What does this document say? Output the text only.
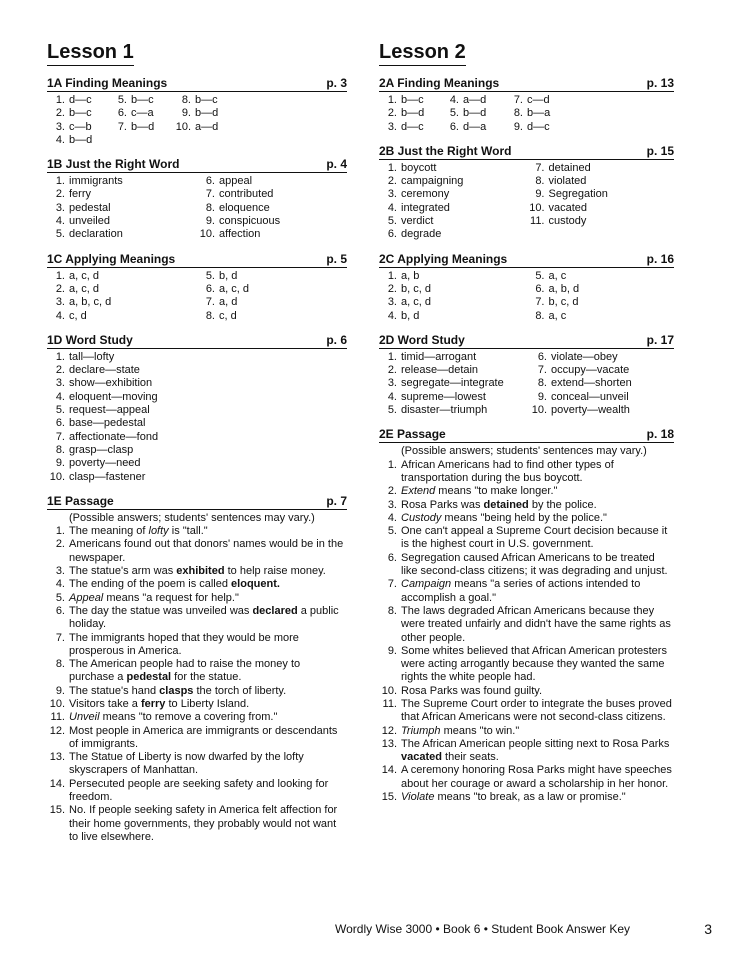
Lesson 1
1A Finding Meanings	p. 3
1. d—c	5. b—c	8. b—c
2. b—c	6. c—a	9. b—d
3. c—b	7. b—d 10. a—d
4. b—d
1B Just the Right Word	p. 4
1. immigrants	6. appeal
2. ferry	7. contributed
3. pedestal	8. eloquence
4. unveiled	9. conspicuous
5. declaration	10. affection
1C Applying Meanings	p. 5
1. a, c, d	5. b, d
2. a, c, d	6. a, c, d
3. a, b, c, d	7. a, d
4. c, d	8. c, d
1D Word Study	p. 6
1. tall—lofty
2. declare—state
3. show—exhibition
4. eloquent—moving
5. request—appeal
6. base—pedestal
7. affectionate—fond
8. grasp—clasp
9. poverty—need
10. clasp—fastener
1E Passage	p. 7
(Possible answers; students' sentences may vary.)
1. The meaning of lofty is "tall."
2. Americans found out that donors' names would be in the newspaper.
3. The statue's arm was exhibited to help raise money.
4. The ending of the poem is called eloquent.
5. Appeal means "a request for help."
6. The day the statue was unveiled was declared a public holiday.
7. The immigrants hoped that they would be more prosperous in America.
8. The American people had to raise the money to purchase a pedestal for the statue.
9. The statue's hand clasps the torch of liberty.
10. Visitors take a ferry to Liberty Island.
11. Unveil means "to remove a covering from."
12. Most people in America are immigrants or descendants of immigrants.
13. The Statue of Liberty is now dwarfed by the lofty skyscrapers of Manhattan.
14. Persecuted people are seeking safety and looking for freedom.
15. No. If people seeking safety in America felt affection for their home governments, they probably would not want to live elsewhere.
Lesson 2
2A Finding Meanings	p. 13
1. b—c	4. a—d	7. c—d
2. b—d	5. b—d	8. b—a
3. d—c	6. d—a	9. d—c
2B Just the Right Word	p. 15
1. boycott	7. detained
2. campaigning	8. violated
3. ceremony	9. Segregation
4. integrated	10. vacated
5. verdict	11. custody
6. degrade
2C Applying Meanings	p. 16
1. a, b	5. a, c
2. b, c, d	6. a, b, d
3. a, c, d	7. b, c, d
4. b, d	8. a, c
2D Word Study	p. 17
1. timid—arrogant	6. violate—obey
2. release—detain	7. occupy—vacate
3. segregate—integrate	8. extend—shorten
4. supreme—lowest	9. conceal—unveil
5. disaster—triumph	10. poverty—wealth
2E Passage	p. 18
(Possible answers; students' sentences may vary.)
1. African Americans had to find other types of transportation during the bus boycott.
2. Extend means "to make longer."
3. Rosa Parks was detained by the police.
4. Custody means "being held by the police."
5. One can't appeal a Supreme Court decision because it is the highest court in U.S. government.
6. Segregation caused African Americans to be treated like second-class citizens; it was degrading and unjust.
7. Campaign means "a series of actions intended to accomplish a goal."
8. The laws degraded African Americans because they were treated unfairly and didn't have the same rights as other people.
9. Some whites believed that African American protesters were acting arrogantly because they wanted the same rights the white people had.
10. Rosa Parks was found guilty.
11. The Supreme Court order to integrate the buses proved that African Americans were not second-class citizens.
12. Triumph means "to win."
13. The African American people sitting next to Rosa Parks vacated their seats.
14. A ceremony honoring Rosa Parks might have speeches about her courage or award a scholarship in her honor.
15. Violate means "to break, as a law or promise."
Wordly Wise 3000 • Book 6 • Student Book Answer Key	3
